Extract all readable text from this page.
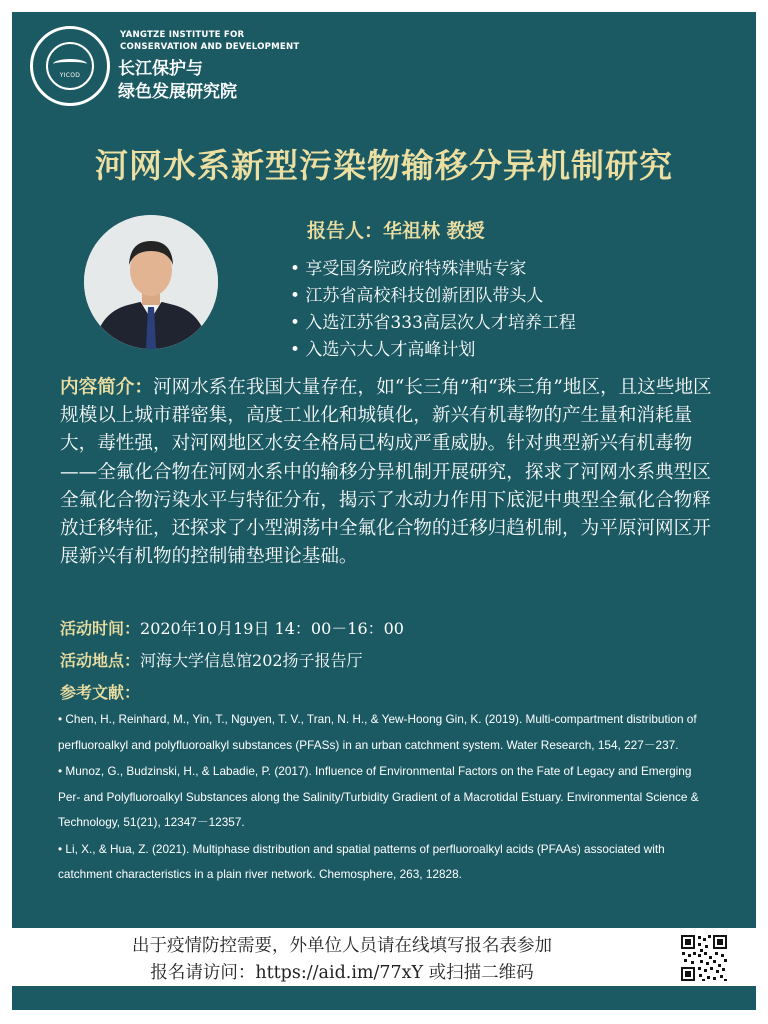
YICOD
YANGTZE INSTITUTE FOR
CONSERVATION AND DEVELOPMENT
长江保护与
绿色发展研究院
河网水系新型污染物输移分异机制研究
报告人：华祖林 教授
• 享受国务院政府特殊津贴专家
• 江苏省高校科技创新团队带头人
• 入选江苏省333高层次人才培养工程
• 入选六大人才高峰计划

内容简介：河网水系在我国大量存在，如“长三角”和“珠三角”地区，且这些地区规模以上城市群密集，高度工业化和城镇化，新兴有机毒物的产生量和消耗量大，毒性强，对河网地区水安全格局已构成严重威胁。针对典型新兴有机毒物——全氟化合物在河网水系中的输移分异机制开展研究，探求了河网水系典型区全氟化合物污染水平与特征分布，揭示了水动力作用下底泥中典型全氟化合物释放迁移特征，还探求了小型湖荡中全氟化合物的迁移归趋机制，为平原河网区开展新兴有机物的控制铺垫理论基础。

活动时间：2020年10月19日 14：00－16：00
活动地点：河海大学信息馆202扬子报告厅
参考文献：
• Chen, H., Reinhard, M., Yin, T., Nguyen, T. V., Tran, N. H., & Yew-Hoong Gin, K. (2019). Multi-compartment distribution of perfluoroalkyl and polyfluoroalkyl substances (PFASs) in an urban catchment system. Water Research, 154, 227－237.
• Munoz, G., Budzinski, H., & Labadie, P. (2017). Influence of Environmental Factors on the Fate of Legacy and Emerging Per- and Polyfluoroalkyl Substances along the Salinity/Turbidity Gradient of a Macrotidal Estuary. Environmental Science & Technology, 51(21), 12347－12357.
• Li, X., & Hua, Z. (2021). Multiphase distribution and spatial patterns of perfluoroalkyl acids (PFAAs) associated with catchment characteristics in a plain river network. Chemosphere, 263, 12828.
出于疫情防控需要，外单位人员请在线填写报名表参加
报名请访问：https://aid.im/77xY 或扫描二维码
